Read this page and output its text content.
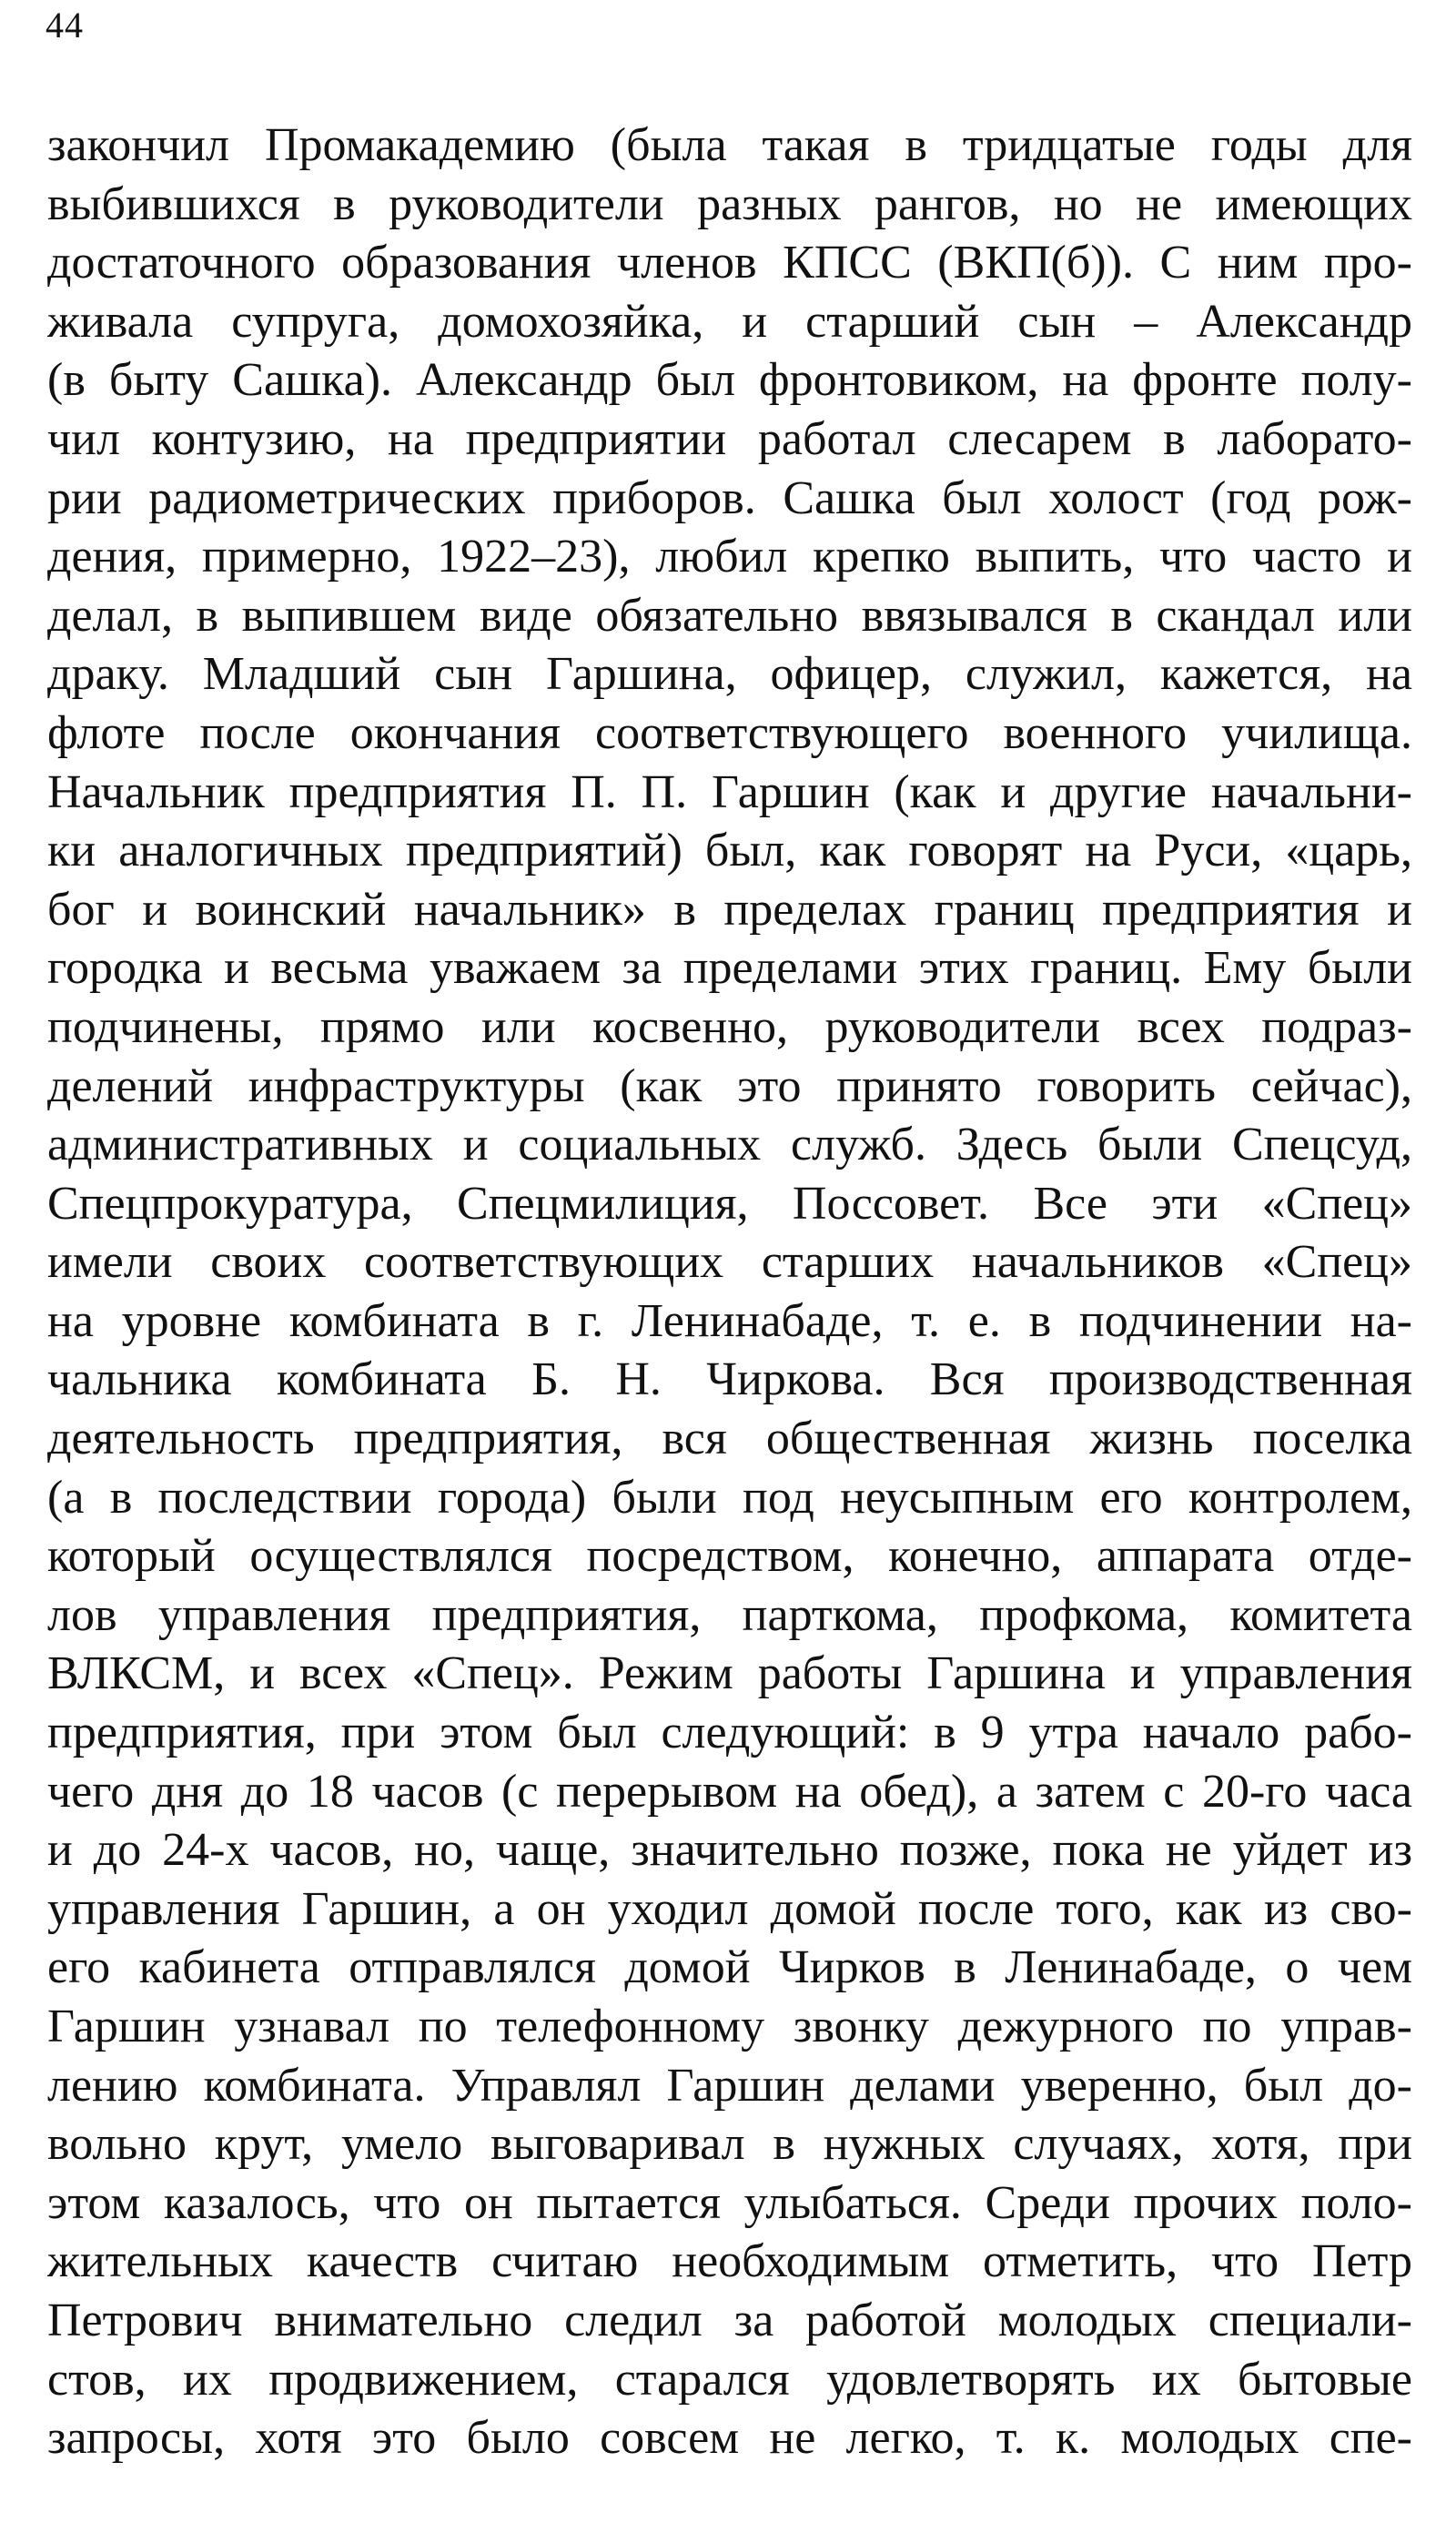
44
закончил Промакадемию (была такая в тридцатые годы для
выбившихся в руководители разных рангов, но не имеющих
достаточного образования членов КПСС (ВКП(б)). С ним про-
живала супруга, домохозяйка, и старший сын – Александр
(в быту Сашка). Александр был фронтовиком, на фронте полу-
чил контузию, на предприятии работал слесарем в лаборато-
рии радиометрических приборов. Сашка был холост (год рож-
дения, примерно, 1922–23), любил крепко выпить, что часто и
делал, в выпившем виде обязательно ввязывался в скандал или
драку. Младший сын Гаршина, офицер, служил, кажется, на
флоте после окончания соответствующего военного училища.
Начальник предприятия П. П. Гаршин (как и другие начальни-
ки аналогичных предприятий) был, как говорят на Руси, «царь,
бог и воинский начальник» в пределах границ предприятия и
городка и весьма уважаем за пределами этих границ. Ему были
подчинены, прямо или косвенно, руководители всех подраз-
делений инфраструктуры (как это принято говорить сейчас),
административных и социальных служб. Здесь были Спецсуд,
Спецпрокуратура, Спецмилиция, Поссовет. Все эти «Спец»
имели своих соответствующих старших начальников «Спец»
на уровне комбината в г. Ленинабаде, т. е. в подчинении на-
чальника комбината Б. Н. Чиркова. Вся производственная
деятельность предприятия, вся общественная жизнь поселка
(а в последствии города) были под неусыпным его контролем,
который осуществлялся посредством, конечно, аппарата отде-
лов управления предприятия, парткома, профкома, комитета
ВЛКСМ, и всех «Спец». Режим работы Гаршина и управления
предприятия, при этом был следующий: в 9 утра начало рабо-
чего дня до 18 часов (с перерывом на обед), а затем с 20-го часа
и до 24-х часов, но, чаще, значительно позже, пока не уйдет из
управления Гаршин, а он уходил домой после того, как из сво-
его кабинета отправлялся домой Чирков в Ленинабаде, о чем
Гаршин узнавал по телефонному звонку дежурного по управ-
лению комбината. Управлял Гаршин делами уверенно, был до-
вольно крут, умело выговаривал в нужных случаях, хотя, при
этом казалось, что он пытается улыбаться. Среди прочих поло-
жительных качеств считаю необходимым отметить, что Петр
Петрович внимательно следил за работой молодых специали-
стов, их продвижением, старался удовлетворять их бытовые
запросы, хотя это было совсем не легко, т. к. молодых спе-
